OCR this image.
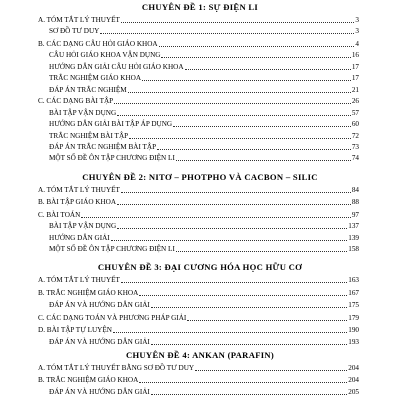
CHUYÊN ĐỀ 1: SỰ ĐIỆN LI
A. TÓM TẮT LÝ THUYẾT	3
SƠ ĐỒ TƯ DUY	3
B. CÁC DẠNG CÂU HỎI GIÁO KHOA	4
CÂU HỎI GIÁO KHOA VẬN DỤNG	16
HƯỚNG DẪN GIẢI CÂU HỎI GIÁO KHOA	17
TRẮC NGHIỆM GIÁO KHOA	17
ĐÁP ÁN TRẮC NGHIỆM	21
C. CÁC DẠNG BÀI TẬP	26
BÀI TẬP VẬN DỤNG	57
HƯỚNG DẪN GIẢI BÀI TẬP ÁP DỤNG	60
TRẮC NGHIỆM BÀI TẬP	72
ĐÁP ÁN TRẮC NGHIỆM BÀI TẬP	73
MỘT SỐ ĐỀ ÔN TẬP CHƯƠNG ĐIỆN LI	74
CHUYÊN ĐỀ 2: NITƠ – PHOTPHO VÀ CACBON – SILIC
A. TÓM TẮT LÝ THUYẾT	84
B. BÀI TẬP GIÁO KHOA	88
C. BÀI TOÁN	97
BÀI TẬP VẬN DỤNG	137
HƯỚNG DẪN GIẢI	139
MỘT SỐ ĐỀ ÔN TẬP CHƯƠNG ĐIỆN LI	158
CHUYÊN ĐỀ 3: ĐẠI CƯƠNG HÓA HỌC HỮU CƠ
A. TÓM TẮT LÝ THUYẾT	163
B. TRẮC NGHIỆM GIÁO KHOA	167
ĐÁP ÁN VÀ HƯỚNG DẪN GIẢI	175
C. CÁC DẠNG TOÁN VÀ PHƯƠNG PHÁP GIẢI	179
D. BÀI TẬP TỰ LUYỆN	190
ĐÁP ÁN VÀ HƯỚNG DẪN GIẢI	193
CHUYÊN ĐỀ 4: ANKAN (PARAFIN)
A. TÓM TẮT LÝ THUYẾT BẰNG SƠ ĐỒ TƯ DUY	204
B. TRẮC NGHIỆM GIÁO KHOA	204
ĐÁP ÁN VÀ HƯỚNG DẪN GIẢI	205
